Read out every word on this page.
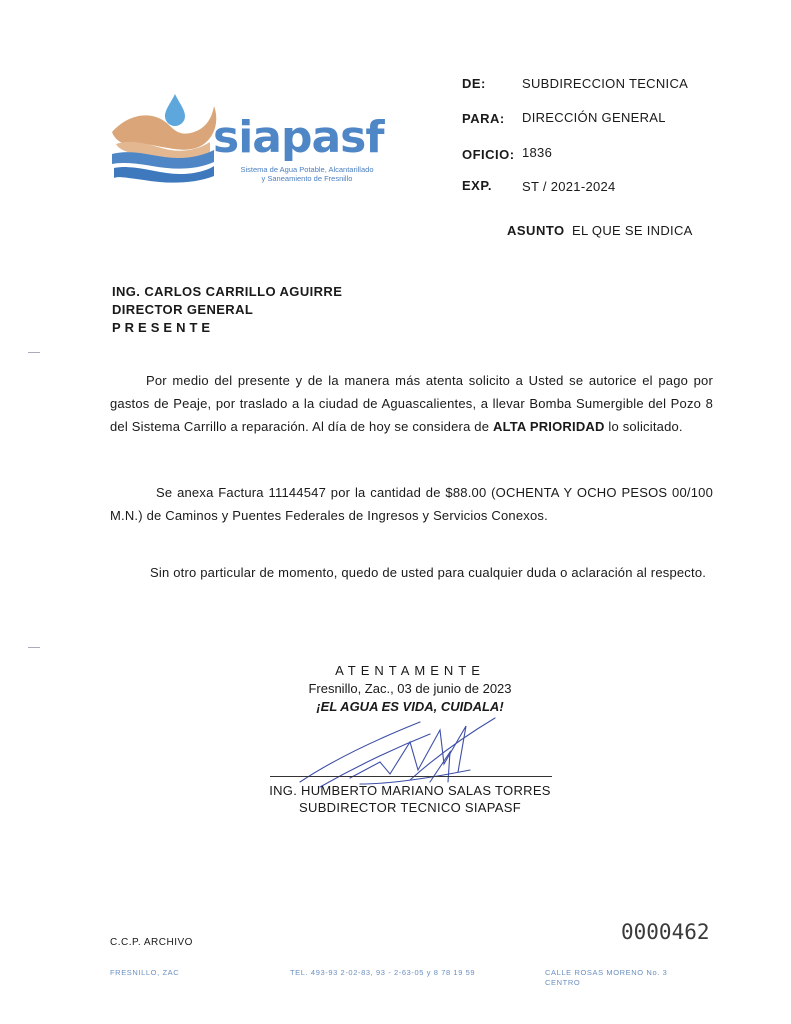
siapasf
Sistema de Agua Potable, Alcantarillado
y Saneamiento de Fresnillo
DE:	SUBDIRECCION TECNICA
PARA: DIRECCIÓN GENERAL
OFICIO: 1836
EXP. ST / 2021-2024
ASUNTO EL QUE SE INDICA
ING. CARLOS CARRILLO AGUIRRE
DIRECTOR GENERAL
PRESENTE
Por medio del presente y de la manera más atenta solicito a Usted se autorice el pago por gastos de Peaje, por traslado a la ciudad de Aguascalientes, a llevar Bomba Sumergible del Pozo 8 del Sistema Carrillo a reparación. Al día de hoy se considera de ALTA PRIORIDAD lo solicitado.
Se anexa Factura 11144547 por la cantidad de $88.00 (OCHENTA Y OCHO PESOS 00/100 M.N.) de Caminos y Puentes Federales de Ingresos y Servicios Conexos.
Sin otro particular de momento, quedo de usted para cualquier duda o aclaración al respecto.
ATENTAMENTE
Fresnillo, Zac., 03 de junio de 2023
¡EL AGUA ES VIDA, CUIDALA!
ING. HUMBERTO MARIANO SALAS TORRES
SUBDIRECTOR TECNICO SIAPASF
C.C.P. ARCHIVO	0000462
FRESNILLO, ZAC	TEL. 493-93 2-02-83, 93 - 2-63-05 y 8 78 19 59	CALLE ROSAS MORENO No. 3
CENTRO
